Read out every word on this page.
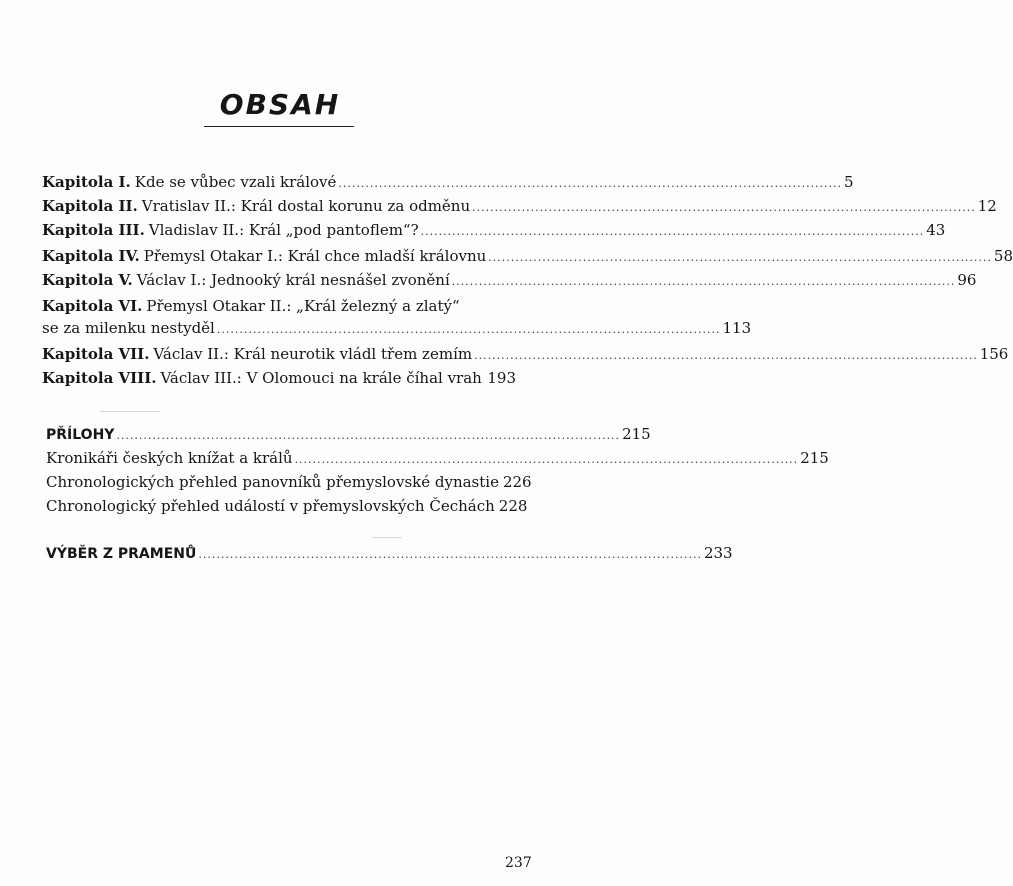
OBSAH
Kapitola I. Kde se vůbec vzali králové ................................................................................................................ 5
Kapitola II. Vratislav II.: Král dostal korunu za odměnu ................................................................................................................ 12
Kapitola III. Vladislav II.: Král „pod pantoflem“? ................................................................................................................ 43
Kapitola IV. Přemysl Otakar I.: Král chce mladší královnu ................................................................................................................ 58
Kapitola V. Václav I.: Jednooký král nesnášel zvonění ................................................................................................................ 96
Kapitola VI. Přemysl Otakar II.: „Král železný a zlatý“
se za milenku nestyděl ................................................................................................................ 113
Kapitola VII. Václav II.: Král neurotik vládl třem zemím ................................................................................................................ 156
Kapitola VIII. Václav III.: V Olomouci na krále číhal vrah 193
PŘÍLOHY ................................................................................................................ 215
Kronikáři českých knížat a králů ................................................................................................................ 215
Chronologických přehled panovníků přemyslovské dynastie 226
Chronologický přehled událostí v přemyslovských Čechách 228
VÝBĚR Z PRAMENŮ ................................................................................................................ 233
237
